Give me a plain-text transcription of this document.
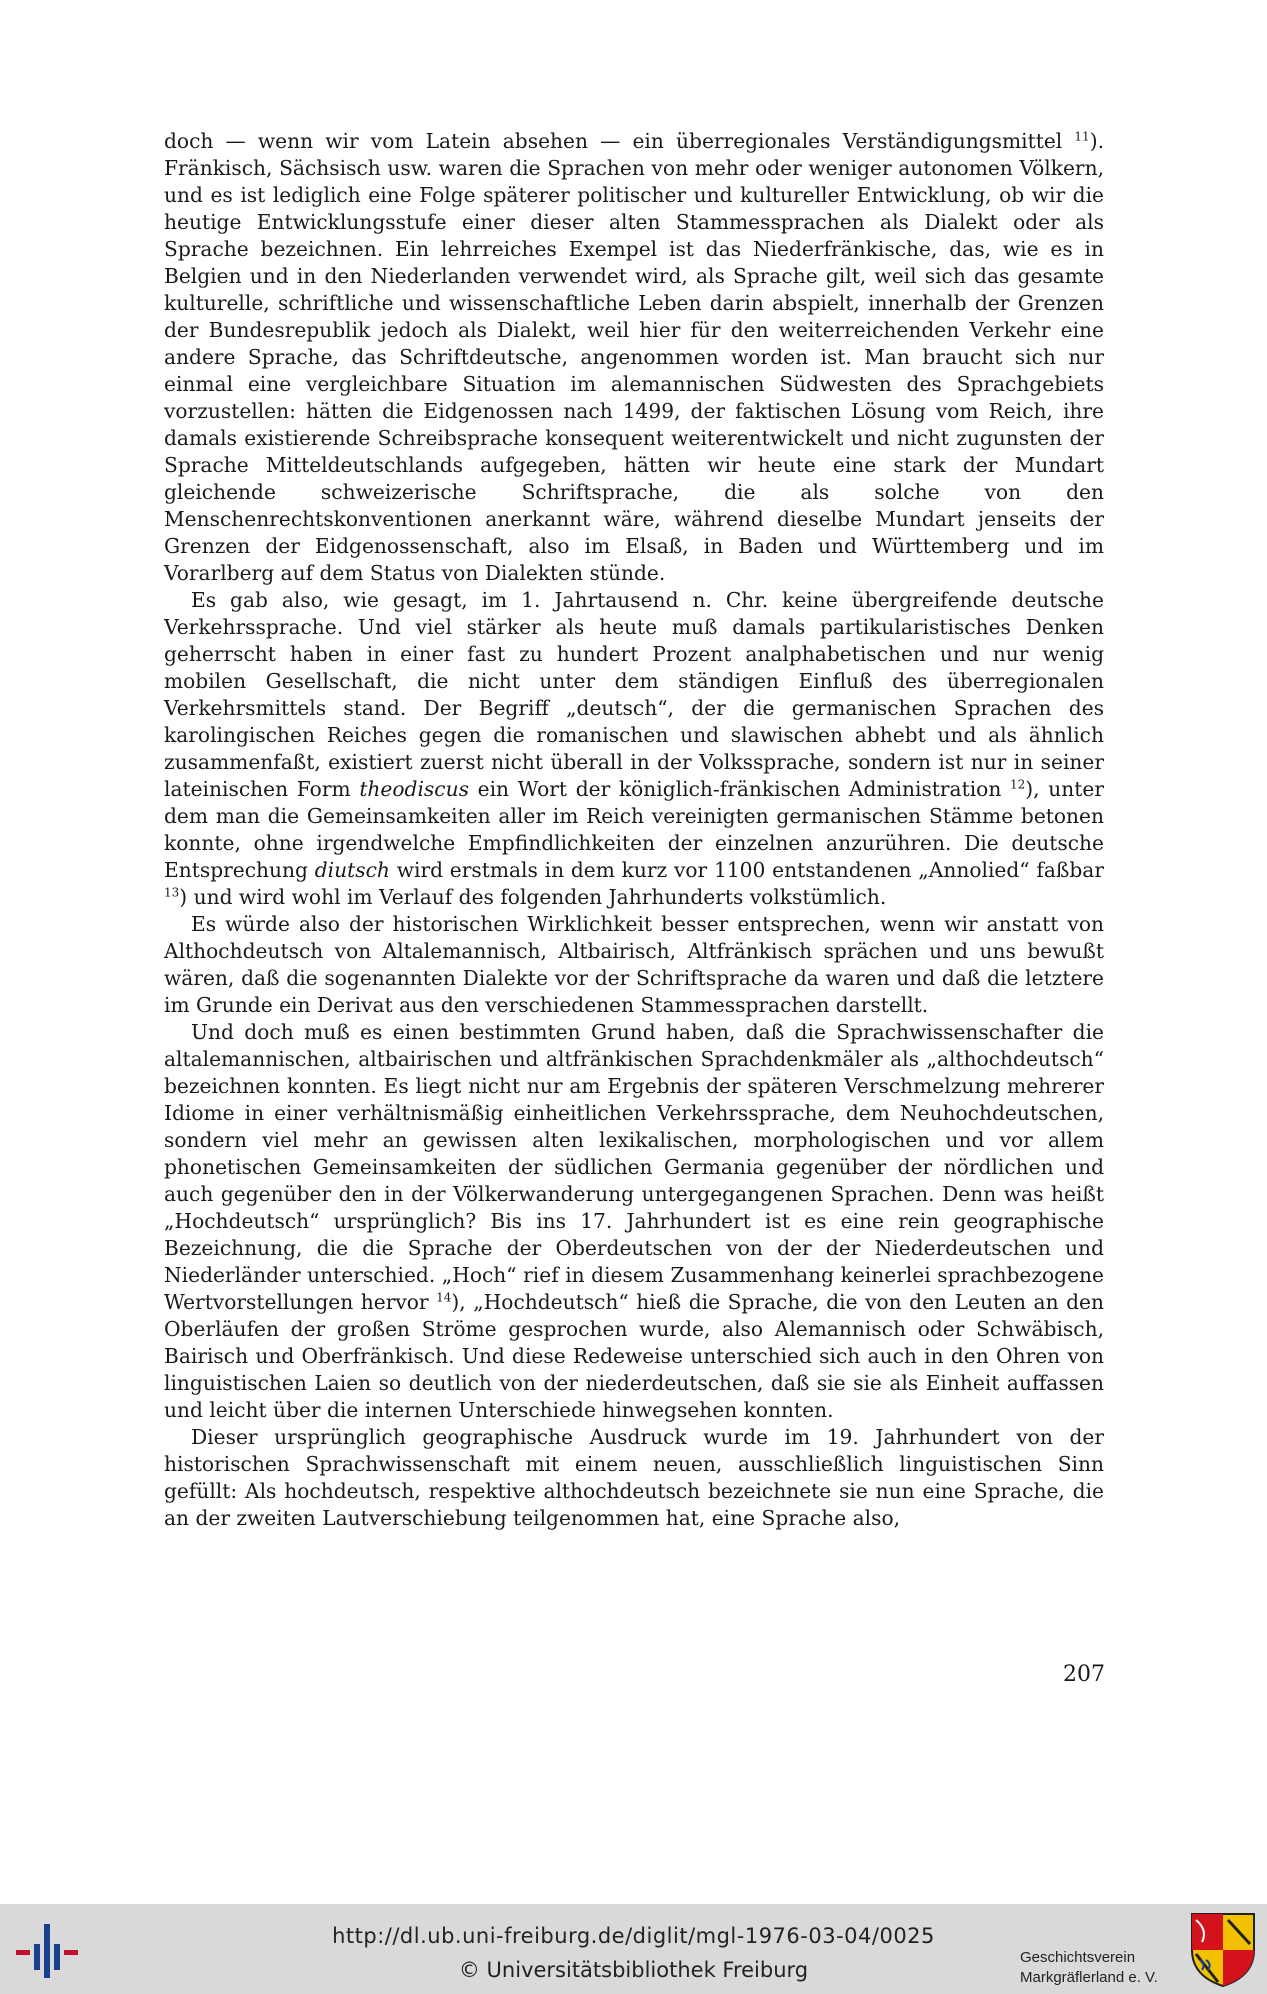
doch — wenn wir vom Latein absehen — ein überregionales Verständigungsmittel $^{11}$). Fränkisch, Sächsisch usw. waren die Sprachen von mehr oder weniger autonomen Völkern, und es ist lediglich eine Folge späterer politischer und kultureller Entwicklung, ob wir die heutige Entwicklungsstufe einer dieser alten Stammessprachen als Dialekt oder als Sprache bezeichnen. Ein lehrreiches Exempel ist das Niederfränkische, das, wie es in Belgien und in den Niederlanden verwendet wird, als Sprache gilt, weil sich das gesamte kulturelle, schriftliche und wissenschaftliche Leben darin abspielt, innerhalb der Grenzen der Bundesrepublik jedoch als Dialekt, weil hier für den weiterreichenden Verkehr eine andere Sprache, das Schriftdeutsche, angenommen worden ist. Man braucht sich nur einmal eine vergleichbare Situation im alemannischen Südwesten des Sprachgebiets vorzustellen: hätten die Eidgenossen nach 1499, der faktischen Lösung vom Reich, ihre damals existierende Schreibsprache konsequent weiterentwickelt und nicht zugunsten der Sprache Mitteldeutschlands aufgegeben, hätten wir heute eine stark der Mundart gleichende schweizerische Schriftsprache, die als solche von den Menschenrechtskonventionen anerkannt wäre, während dieselbe Mundart jenseits der Grenzen der Eidgenossenschaft, also im Elsaß, in Baden und Württemberg und im Vorarlberg auf dem Status von Dialekten stünde.

Es gab also, wie gesagt, im 1. Jahrtausend n. Chr. keine übergreifende deutsche Verkehrssprache. Und viel stärker als heute muß damals partikularistisches Denken geherrscht haben in einer fast zu hundert Prozent analphabetischen und nur wenig mobilen Gesellschaft, die nicht unter dem ständigen Einfluß des überregionalen Verkehrsmittels stand. Der Begriff „deutsch“, der die germanischen Sprachen des karolingischen Reiches gegen die romanischen und slawischen abhebt und als ähnlich zusammenfaßt, existiert zuerst nicht überall in der Volkssprache, sondern ist nur in seiner lateinischen Form theodiscus ein Wort der königlich-fränkischen Administration $^{12}$), unter dem man die Gemeinsamkeiten aller im Reich vereinigten germanischen Stämme betonen konnte, ohne irgendwelche Empfindlichkeiten der einzelnen anzurühren. Die deutsche Entsprechung diutsch wird erstmals in dem kurz vor 1100 entstandenen „Annolied“ faßbar $^{13}$) und wird wohl im Verlauf des folgenden Jahrhunderts volkstümlich.

Es würde also der historischen Wirklichkeit besser entsprechen, wenn wir anstatt von Althochdeutsch von Altalemannisch, Altbairisch, Altfränkisch sprächen und uns bewußt wären, daß die sogenannten Dialekte vor der Schriftsprache da waren und daß die letztere im Grunde ein Derivat aus den verschiedenen Stammessprachen darstellt.

Und doch muß es einen bestimmten Grund haben, daß die Sprachwissenschafter die altalemannischen, altbairischen und altfränkischen Sprachdenkmäler als „althochdeutsch“ bezeichnen konnten. Es liegt nicht nur am Ergebnis der späteren Verschmelzung mehrerer Idiome in einer verhältnismäßig einheitlichen Verkehrssprache, dem Neuhochdeutschen, sondern viel mehr an gewissen alten lexikalischen, morphologischen und vor allem phonetischen Gemeinsamkeiten der südlichen Germania gegenüber der nördlichen und auch gegenüber den in der Völkerwanderung untergegangenen Sprachen. Denn was heißt „Hochdeutsch“ ursprünglich? Bis ins 17. Jahrhundert ist es eine rein geographische Bezeichnung, die die Sprache der Oberdeutschen von der der Niederdeutschen und Niederländer unterschied. „Hoch“ rief in diesem Zusammenhang keinerlei sprachbezogene Wertvorstellungen hervor $^{14}$), „Hochdeutsch“ hieß die Sprache, die von den Leuten an den Oberläufen der großen Ströme gesprochen wurde, also Alemannisch oder Schwäbisch, Bairisch und Oberfränkisch. Und diese Redeweise unterschied sich auch in den Ohren von linguistischen Laien so deutlich von der niederdeutschen, daß sie sie als Einheit auffassen und leicht über die internen Unterschiede hinwegsehen konnten.

Dieser ursprünglich geographische Ausdruck wurde im 19. Jahrhundert von der historischen Sprachwissenschaft mit einem neuen, ausschließlich linguistischen Sinn gefüllt: Als hochdeutsch, respektive althochdeutsch bezeichnete sie nun eine Sprache, die an der zweiten Lautverschiebung teilgenommen hat, eine Sprache also,

207
http://dl.ub.uni-freiburg.de/diglit/mgl-1976-03-04/0025
© Universitätsbibliothek Freiburg
Geschichtsverein
Markgräflerland e. V.
